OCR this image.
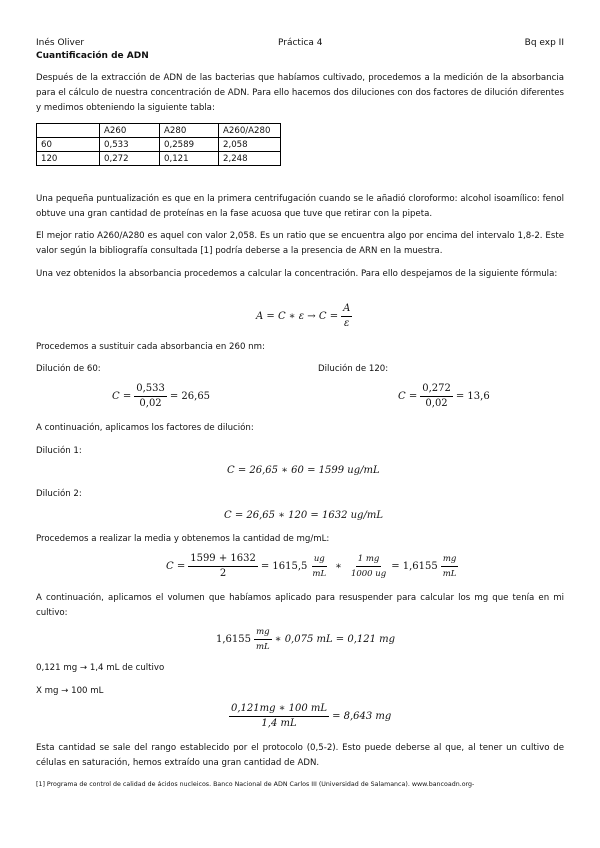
Inés Oliver	Práctica 4	Bq exp II
Cuantificación de ADN
Después de la extracción de ADN de las bacterias que habíamos cultivado, procedemos a la medición de la absorbancia para el cálculo de nuestra concentración de ADN. Para ello hacemos dos diluciones con dos factores de dilución diferentes y medimos obteniendo la siguiente tabla:
	A260	A280	A260/A280
60	0,533	0,2589	2,058
120	0,272	0,121	2,248
Una pequeña puntualización es que en la primera centrifugación cuando se le añadió cloroformo: alcohol isoamílico: fenol obtuve una gran cantidad de proteínas en la fase acuosa que tuve que retirar con la pipeta.
El mejor ratio A260/A280 es aquel con valor 2,058. Es un ratio que se encuentra algo por encima del intervalo 1,8-2. Este valor según la bibliografía consultada [1] podría deberse a la presencia de ARN en la muestra.
Una vez obtenidos la absorbancia procedemos a calcular la concentración. Para ello despejamos de la siguiente fórmula:
A = C ∗ $\varepsilon \to C = \frac{A}{\varepsilon}$
Procedemos a sustituir cada absorbancia en 260 nm:
Dilución de 60:	Dilución de 120:
$C = \frac{0,533}{0,02} = 26,65$	$C = \frac{0,272}{0,02} = 13,6$
A continuación, aplicamos los factores de dilución:
Dilución 1:
C = 26,65 ∗ 60 = 1599 ug/mL
Dilución 2:
C = 26,65 ∗ 120 = 1632 ug/mL
Procedemos a realizar la media y obtenemos la cantidad de mg/mL:
$C = \frac{1599 + 1632}{2} = 1615,5 \frac{ug}{mL}$ ∗ $\frac{1 mg}{1000 ug} = 1,6155 \frac{mg}{mL}$
A continuación, aplicamos el volumen que habíamos aplicado para resuspender para calcular los mg que tenía en mi cultivo:
$1,6155 \frac{mg}{mL}$ ∗ 0,075 mL = 0,121 mg
0,121 mg → 1,4 mL de cultivo
X mg → 100 mL
$\frac{0,121mg ∗ 100 mL}{1,4 mL} = 8,643$ mg
Esta cantidad se sale del rango establecido por el protocolo (0,5-2). Esto puede deberse al que, al tener un cultivo de células en saturación, hemos extraído una gran cantidad de ADN.
[1] Programa de control de calidad de ácidos nucleicos. Banco Nacional de ADN Carlos III (Universidad de Salamanca). www.bancoadn.org-
